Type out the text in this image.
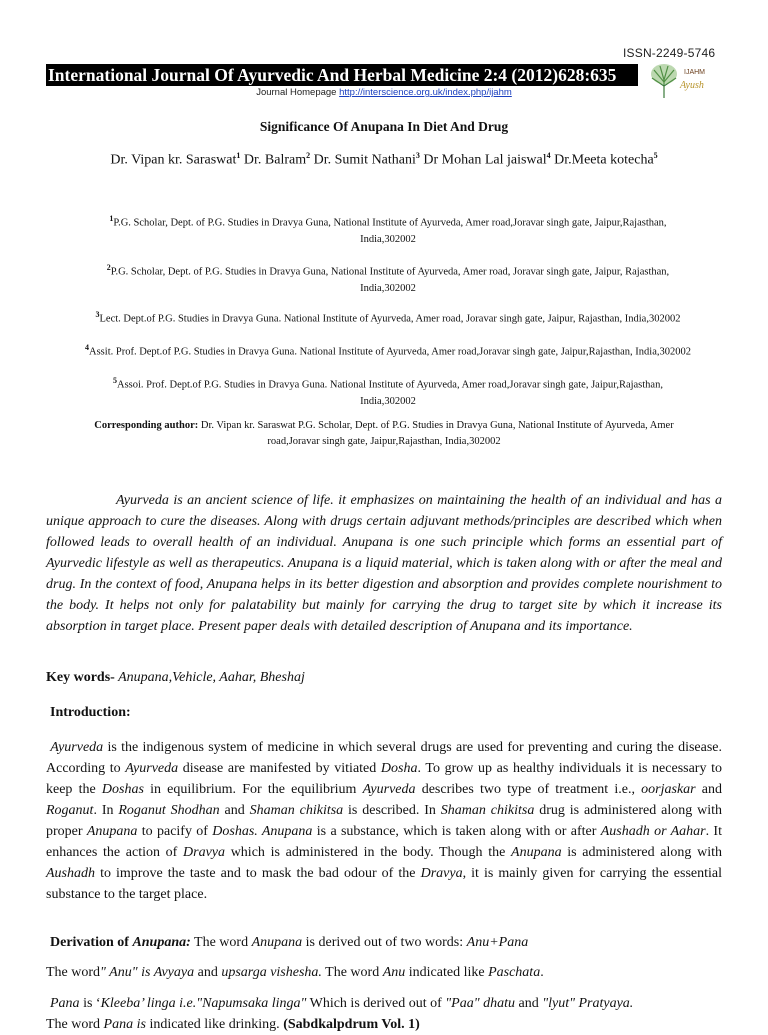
ISSN-2249-5746
International Journal Of Ayurvedic And Herbal Medicine 2:4 (2012)628:635	IJAHM
Ayush
Journal Homepage http://interscience.org.uk/index.php/ijahm
Significance Of Anupana In Diet And Drug
Dr. Vipan kr. Saraswat$^1$ Dr. Balram$^2$ Dr. Sumit Nathani$^3$ Dr Mohan Lal jaiswal$^4$ Dr.Meeta kotecha$^5$
$^1$P.G. Scholar, Dept. of P.G. Studies in Dravya Guna, National Institute of Ayurveda, Amer road,Joravar singh gate, Jaipur,Rajasthan,
India,302002
$^2$P.G. Scholar, Dept. of P.G. Studies in Dravya Guna, National Institute of Ayurveda, Amer road, Joravar singh gate, Jaipur, Rajasthan,
India,302002
$^3$Lect. Dept.of P.G. Studies in Dravya Guna. National Institute of Ayurveda, Amer road, Joravar singh gate, Jaipur, Rajasthan, India,302002
$^4$Assit. Prof. Dept.of P.G. Studies in Dravya Guna. National Institute of Ayurveda, Amer road,Joravar singh gate, Jaipur,Rajasthan, India,302002
$^5$Assoi. Prof. Dept.of P.G. Studies in Dravya Guna. National Institute of Ayurveda, Amer road,Joravar singh gate, Jaipur,Rajasthan,
India,302002
Corresponding author: Dr. Vipan kr. Saraswat P.G. Scholar, Dept. of P.G. Studies in Dravya Guna, National Institute of Ayurveda, Amer
road,Joravar singh gate, Jaipur,Rajasthan, India,302002
Ayurveda is an ancient science of life. it emphasizes on maintaining the health of an individual and has a unique approach to cure the diseases. Along with drugs certain adjuvant methods/principles are described which when followed leads to overall health of an individual. Anupana is one such principle which forms an essential part of Ayurvedic lifestyle as well as therapeutics. Anupana is a liquid material, which is taken along with or after the meal and drug. In the context of food, Anupana helps in its better digestion and absorption and provides complete nourishment to the body. It helps not only for palatability but mainly for carrying the drug to target site by which it increase its absorption in target place. Present paper deals with detailed description of Anupana and its importance.
Key words- Anupana,Vehicle, Aahar, Bheshaj
Introduction:
Ayurveda is the indigenous system of medicine in which several drugs are used for preventing and curing the disease. According to Ayurveda disease are manifested by vitiated Dosha. To grow up as healthy individuals it is necessary to keep the Doshas in equilibrium. For the equilibrium Ayurveda describes two type of treatment i.e., oorjaskar and Roganut. In Roganut Shodhan and Shaman chikitsa is described. In Shaman chikitsa drug is administered along with proper Anupana to pacify of Doshas. Anupana is a substance, which is taken along with or after Aushadh or Aahar. It enhances the action of Dravya which is administered in the body. Though the Anupana is administered along with Aushadh to improve the taste and to mask the bad odour of the Dravya, it is mainly given for carrying the essential substance to the target place.
Derivation of Anupana: The word Anupana is derived out of two words: Anu+Pana
The word" Anu" is Avyaya and upsarga vishesha. The word Anu indicated like Paschata.
Pana is ‘Kleeba’ linga i.e."Napumsaka linga" Which is derived out of "Paa" dhatu and "lyut" Pratyaya.
The word Pana is indicated like drinking. (Sabdkalpdrum Vol. 1)
